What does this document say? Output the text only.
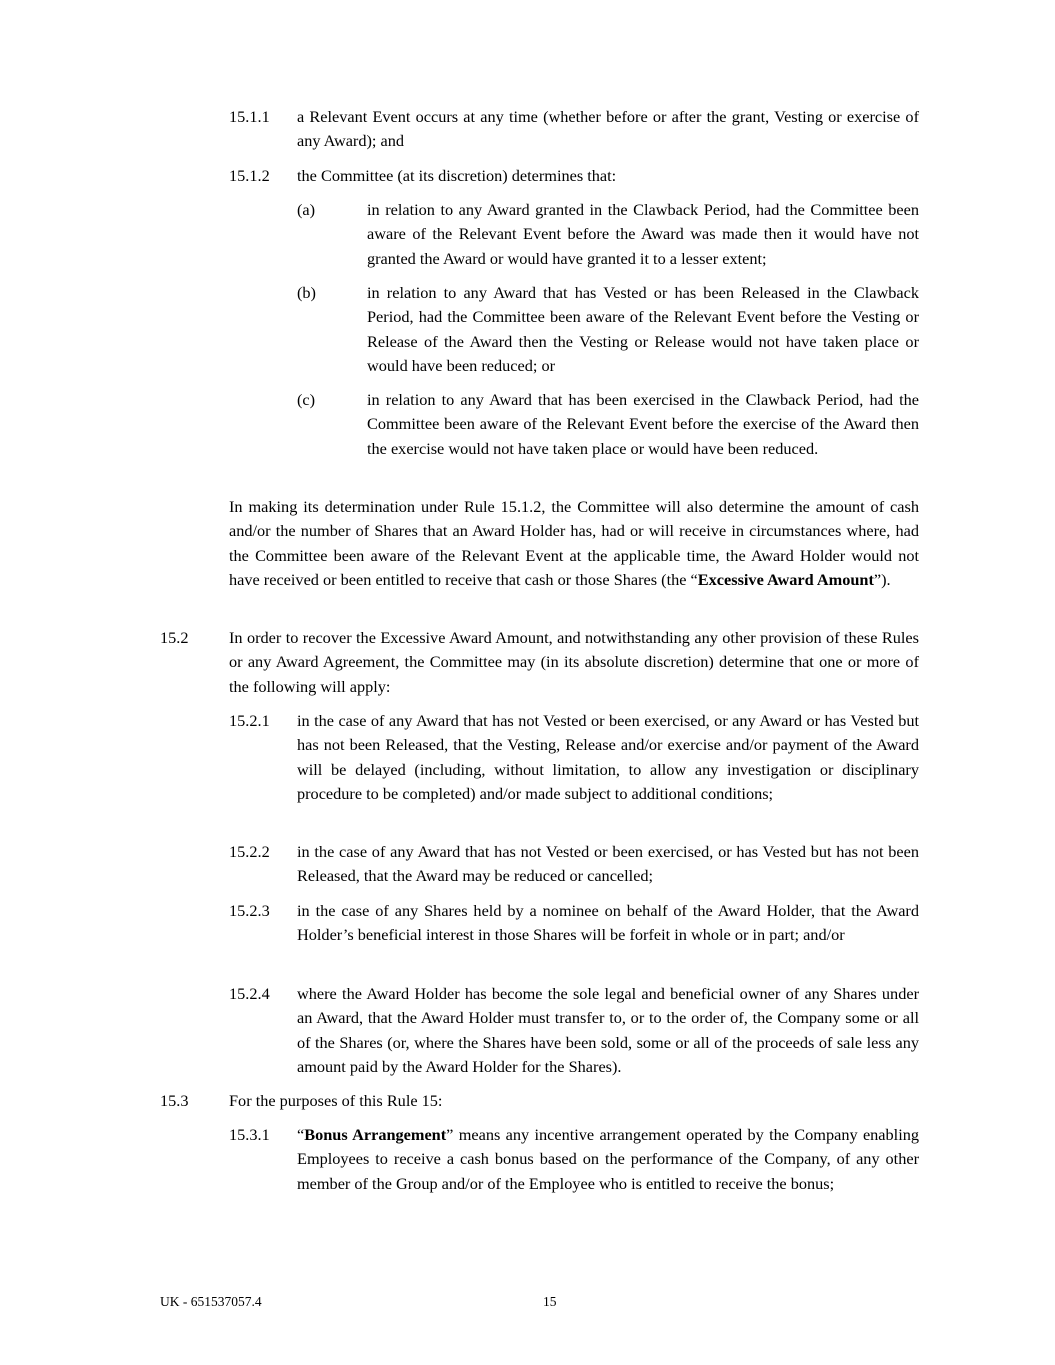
15.1.1 a Relevant Event occurs at any time (whether before or after the grant, Vesting or exercise of any Award); and
15.1.2 the Committee (at its discretion) determines that:
(a)	in relation to any Award granted in the Clawback Period, had the Committee been aware of the Relevant Event before the Award was made then it would have not granted the Award or would have granted it to a lesser extent;
(b)	in relation to any Award that has Vested or has been Released in the Clawback Period, had the Committee been aware of the Relevant Event before the Vesting or Release of the Award then the Vesting or Release would not have taken place or would have been reduced; or
(c)	in relation to any Award that has been exercised in the Clawback Period, had the Committee been aware of the Relevant Event before the exercise of the Award then the exercise would not have taken place or would have been reduced.
In making its determination under Rule 15.1.2, the Committee will also determine the amount of cash and/or the number of Shares that an Award Holder has, had or will receive in circumstances where, had the Committee been aware of the Relevant Event at the applicable time, the Award Holder would not have received or been entitled to receive that cash or those Shares (the “Excessive Award Amount”).
15.2 In order to recover the Excessive Award Amount, and notwithstanding any other provision of these Rules or any Award Agreement, the Committee may (in its absolute discretion) determine that one or more of the following will apply:
15.2.1 in the case of any Award that has not Vested or been exercised, or any Award or has Vested but has not been Released, that the Vesting, Release and/or exercise and/or payment of the Award will be delayed (including, without limitation, to allow any investigation or disciplinary procedure to be completed) and/or made subject to additional conditions;
15.2.2 in the case of any Award that has not Vested or been exercised, or has Vested but has not been Released, that the Award may be reduced or cancelled;
15.2.3 in the case of any Shares held by a nominee on behalf of the Award Holder, that the Award Holder’s beneficial interest in those Shares will be forfeit in whole or in part; and/or
15.2.4 where the Award Holder has become the sole legal and beneficial owner of any Shares under an Award, that the Award Holder must transfer to, or to the order of, the Company some or all of the Shares (or, where the Shares have been sold, some or all of the proceeds of sale less any amount paid by the Award Holder for the Shares).
15.3 For the purposes of this Rule 15:
15.3.1 “Bonus Arrangement” means any incentive arrangement operated by the Company enabling Employees to receive a cash bonus based on the performance of the Company, of any other member of the Group and/or of the Employee who is entitled to receive the bonus;
UK - 651537057.4	15
